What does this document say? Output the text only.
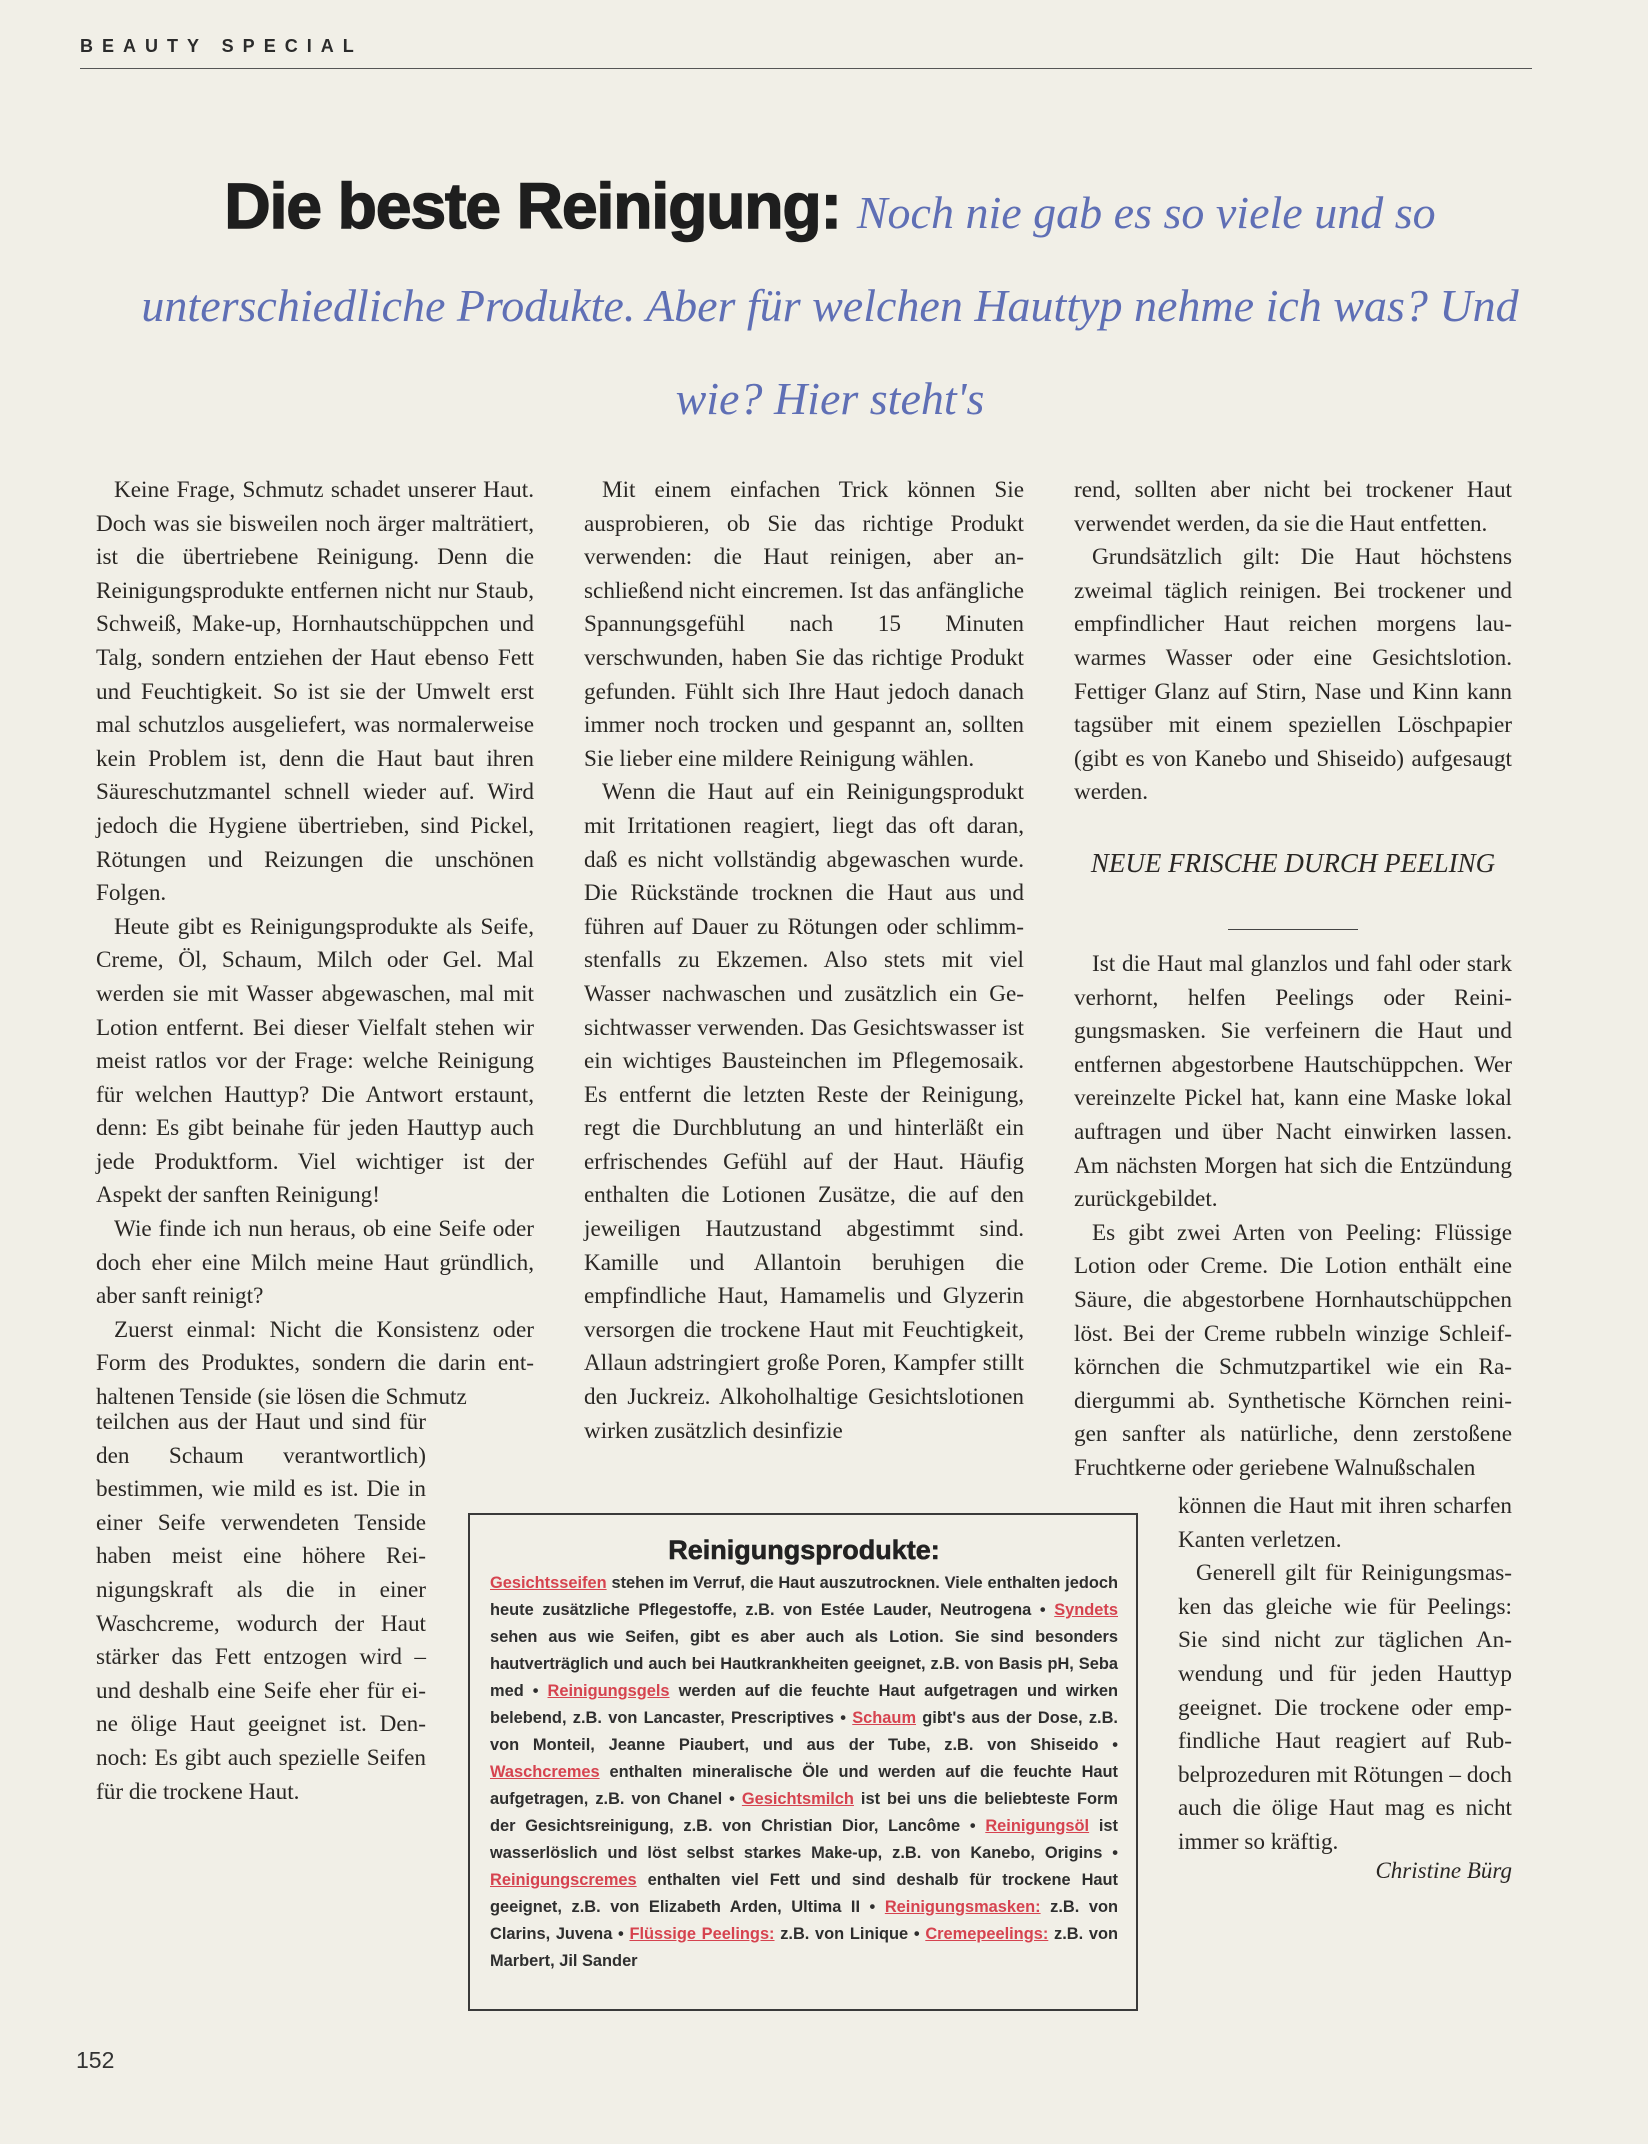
BEAUTY SPECIAL
Die beste Reinigung: Noch nie gab es so viele und so unterschiedliche Produkte. Aber für welchen Hauttyp nehme ich was? Und wie? Hier steht's

Keine Frage, Schmutz schadet unserer Haut. Doch was sie bisweilen noch ärger malträtiert, ist die übertriebene Reinigung. Denn die Reinigungsprodukte entfernen nicht nur Staub, Schweiß, Make-up, Hornhautschüppchen und Talg, sondern entziehen der Haut ebenso Fett und Feuchtigkeit. So ist sie der Umwelt erst mal schutzlos ausgeliefert, was normalerweise kein Problem ist, denn die Haut baut ihren Säureschutzmantel schnell wieder auf. Wird jedoch die Hygiene übertrieben, sind Pickel, Rötungen und Reizungen die unschönen Folgen.

Heute gibt es Reinigungsprodukte als Seife, Creme, Öl, Schaum, Milch oder Gel. Mal werden sie mit Wasser abgewaschen, mal mit Lotion entfernt. Bei dieser Vielfalt stehen wir meist ratlos vor der Frage: welche Reinigung für welchen Hauttyp? Die Antwort erstaunt, denn: Es gibt beinahe für jeden Hauttyp auch jede Produktform. Viel wichtiger ist der Aspekt der sanften Reinigung!

Wie finde ich nun heraus, ob eine Seife oder doch eher eine Milch meine Haut gründlich, aber sanft reinigt?

Zuerst einmal: Nicht die Konsistenz oder Form des Produktes, sondern die darin enthaltenen Tenside (sie lösen die Schmutz

teilchen aus der Haut und sind für den Schaum verantwortlich) bestimmen, wie mild es ist. Die in einer Seife verwendeten Tenside haben meist eine höhere Reinigungskraft als die in einer Waschcreme, wodurch der Haut stärker das Fett entzogen wird – und deshalb eine Seife eher für eine ölige Haut geeignet ist. Dennoch: Es gibt auch spezielle Seifen für die trockene Haut.

Mit einem einfachen Trick können Sie ausprobieren, ob Sie das richtige Produkt verwenden: die Haut reinigen, aber anschließend nicht eincremen. Ist das anfängliche Spannungsgefühl nach 15 Minuten verschwunden, haben Sie das richtige Produkt gefunden. Fühlt sich Ihre Haut jedoch danach immer noch trocken und gespannt an, sollten Sie lieber eine mildere Reinigung wählen.

Wenn die Haut auf ein Reinigungsprodukt mit Irritationen reagiert, liegt das oft daran, daß es nicht vollständig abgewaschen wurde. Die Rückstände trocknen die Haut aus und führen auf Dauer zu Rötungen oder schlimmstenfalls zu Ekzemen. Also stets mit viel Wasser nachwaschen und zusätzlich ein Gesichtwasser verwenden. Das Gesichtswasser ist ein wichtiges Bausteinchen im Pflegemosaik. Es entfernt die letzten Reste der Reinigung, regt die Durchblutung an und hinterläßt ein erfrischendes Gefühl auf der Haut. Häufig enthalten die Lotionen Zusätze, die auf den jeweiligen Hautzustand abgestimmt sind. Kamille und Allantoin beruhigen die empfindliche Haut, Hamamelis und Glyzerin versorgen die trockene Haut mit Feuchtigkeit, Allaun adstringiert große Poren, Kampfer stillt den Juckreiz. Alkoholhaltige Gesichtslotionen wirken zusätzlich desinfizie

rend, sollten aber nicht bei trockener Haut verwendet werden, da sie die Haut entfetten.

Grundsätzlich gilt: Die Haut höchstens zweimal täglich reinigen. Bei trockener und empfindlicher Haut reichen morgens lauwarmes Wasser oder eine Gesichtslotion. Fettiger Glanz auf Stirn, Nase und Kinn kann tagsüber mit einem speziellen Löschpapier (gibt es von Kanebo und Shiseido) aufgesaugt werden.

NEUE FRISCHE DURCH PEELING

Ist die Haut mal glanzlos und fahl oder stark verhornt, helfen Peelings oder Reinigungsmasken. Sie verfeinern die Haut und entfernen abgestorbene Hautschüppchen. Wer vereinzelte Pickel hat, kann eine Maske lokal auftragen und über Nacht einwirken lassen. Am nächsten Morgen hat sich die Entzündung zurückgebildet.

Es gibt zwei Arten von Peeling: Flüssige Lotion oder Creme. Die Lotion enthält eine Säure, die abgestorbene Hornhautschüppchen löst. Bei der Creme rubbeln winzige Schleifkörnchen die Schmutzpartikel wie ein Radiergummi ab. Synthetische Körnchen reinigen sanfter als natürliche, denn zerstoßene Fruchtkerne oder geriebene Walnußschalen

können die Haut mit ihren scharfen Kanten verletzen.

Generell gilt für Reinigungsmasken das gleiche wie für Peelings: Sie sind nicht zur täglichen Anwendung und für jeden Hauttyp geeignet. Die trockene oder empfindliche Haut reagiert auf Rubbelprozeduren mit Rötungen – doch auch die ölige Haut mag es nicht immer so kräftig.

Christine Bürg
Reinigungsprodukte:
Gesichtsseifen stehen im Verruf, die Haut auszutrocknen. Viele enthalten jedoch heute zusätzliche Pflegestoffe, z.B. von Estée Lauder, Neutrogena • Syndets sehen aus wie Seifen, gibt es aber auch als Lotion. Sie sind besonders hautverträglich und auch bei Hautkrankheiten geeignet, z.B. von Basis pH, Seba med • Reinigungsgels werden auf die feuchte Haut aufgetragen und wirken belebend, z.B. von Lancaster, Prescriptives • Schaum gibt's aus der Dose, z.B. von Monteil, Jeanne Piaubert, und aus der Tube, z.B. von Shiseido • Waschcremes enthalten mineralische Öle und werden auf die feuchte Haut aufgetragen, z.B. von Chanel • Gesichtsmilch ist bei uns die beliebteste Form der Gesichtsreinigung, z.B. von Christian Dior, Lancôme • Reinigungsöl ist wasserlöslich und löst selbst starkes Make-up, z.B. von Kanebo, Origins • Reinigungscremes enthalten viel Fett und sind deshalb für trockene Haut geeignet, z.B. von Elizabeth Arden, Ultima II • Reinigungsmasken: z.B. von Clarins, Juvena • Flüssige Peelings: z.B. von Linique • Cremepeelings: z.B. von Marbert, Jil Sander
152
